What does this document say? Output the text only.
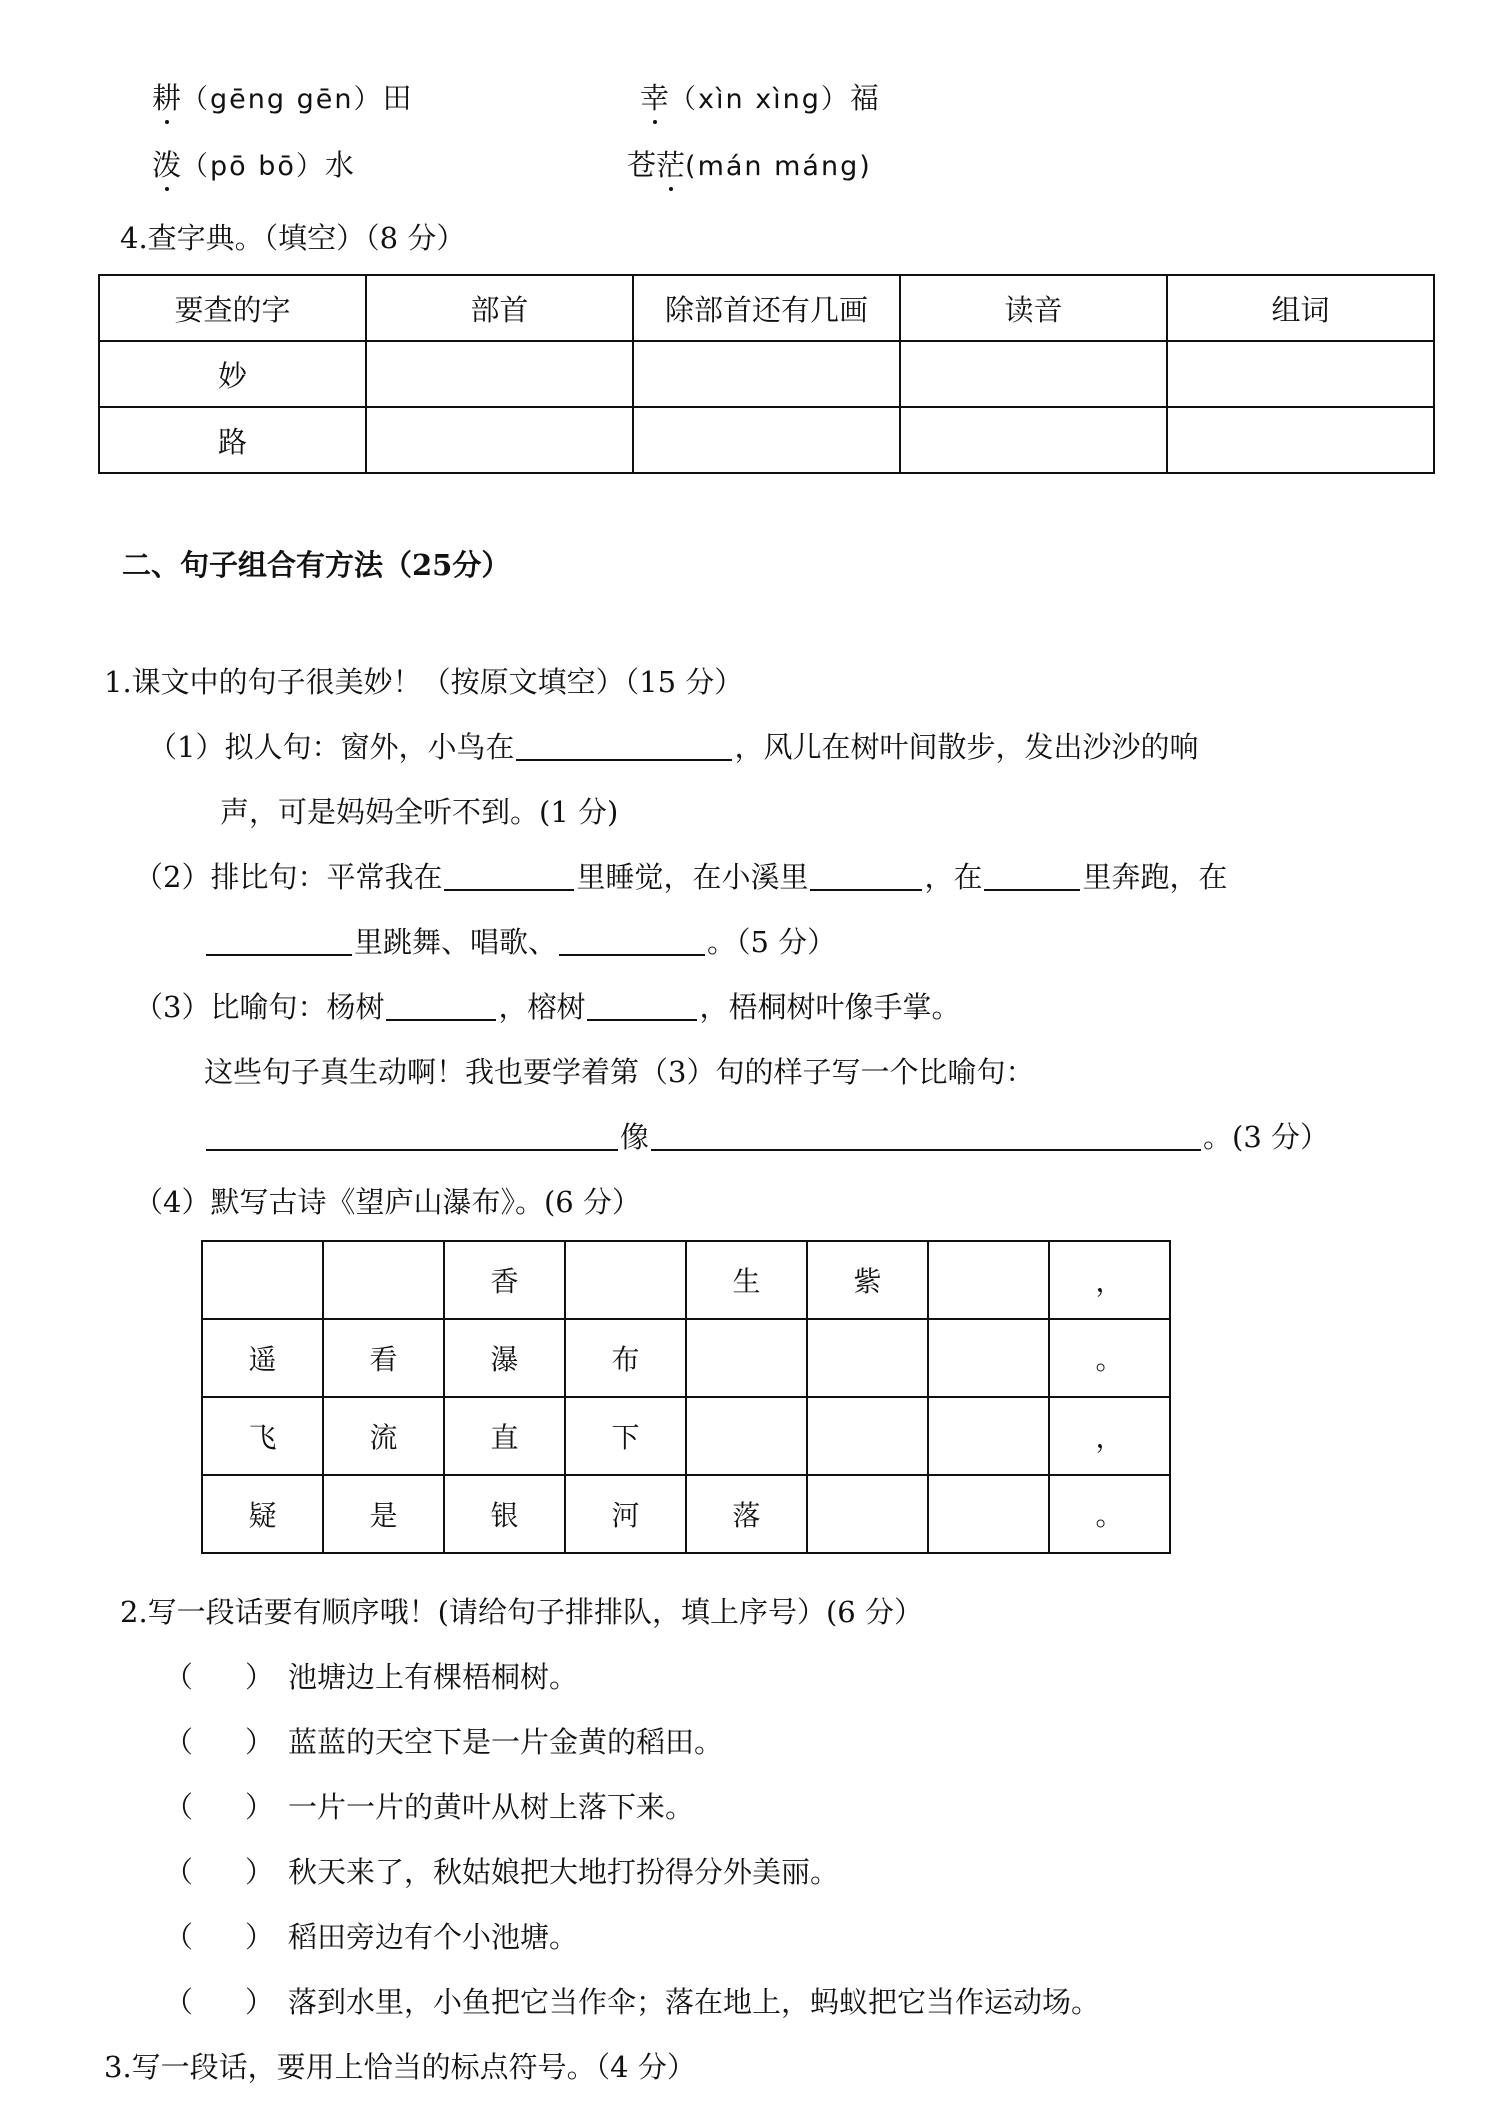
耕（gēng gēn）田	幸（xìn xìng）福
泼（pō bō）水	苍茫(mán máng)
4.查字典。（填空）（8 分）
要查的字	部首	除部首还有几画	读音	组词
妙				
路				
二、句子组合有方法（25分）
1.课文中的句子很美妙！（按原文填空）（15 分）
（1）拟人句：窗外，小鸟在	，风儿在树叶间散步，发出沙沙的响
声，可是妈妈全听不到。(1 分)
（2）排比句：平常我在	里睡觉，在小溪里	，在	里奔跑，在
里跳舞、唱歌、	。（5 分）
（3）比喻句：杨树	，榕树	，梧桐树叶像手掌。
这些句子真生动啊！我也要学着第（3）句的样子写一个比喻句：
像	。(3 分）
（4）默写古诗《望庐山瀑布》。(6 分）
		香		生	紫		，
遥	看	瀑	布				。
飞	流	直	下				，
疑	是	银	河	落			。
2.写一段话要有顺序哦！(请给句子排排队，填上序号）(6 分）
（ ） 池塘边上有棵梧桐树。
（ ） 蓝蓝的天空下是一片金黄的稻田。
（ ） 一片一片的黄叶从树上落下来。
（ ） 秋天来了，秋姑娘把大地打扮得分外美丽。
（ ） 稻田旁边有个小池塘。
（ ） 落到水里，小鱼把它当作伞；落在地上，蚂蚁把它当作运动场。
3.写一段话，要用上恰当的标点符号。（4 分）
